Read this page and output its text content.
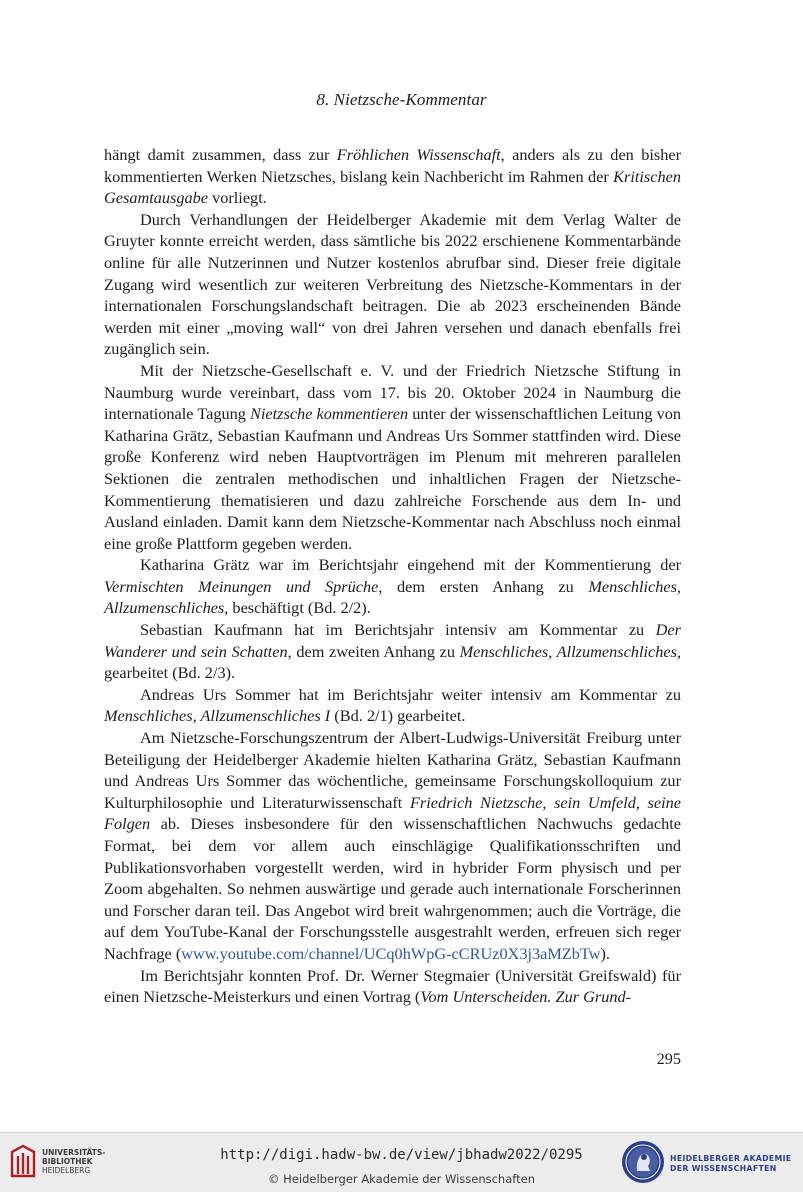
8. Nietzsche-Kommentar

hängt damit zusammen, dass zur Fröhlichen Wissenschaft, anders als zu den bisher kommentierten Werken Nietzsches, bislang kein Nachbericht im Rahmen der Kritischen Gesamtausgabe vorliegt.

Durch Verhandlungen der Heidelberger Akademie mit dem Verlag Walter de Gruyter konnte erreicht werden, dass sämtliche bis 2022 erschienene Kommentarbände online für alle Nutzerinnen und Nutzer kostenlos abrufbar sind. Dieser freie digitale Zugang wird wesentlich zur weiteren Verbreitung des Nietzsche-Kommentars in der internationalen Forschungslandschaft beitragen. Die ab 2023 erscheinenden Bände werden mit einer „moving wall“ von drei Jahren versehen und danach ebenfalls frei zugänglich sein.

Mit der Nietzsche-Gesellschaft e. V. und der Friedrich Nietzsche Stiftung in Naumburg wurde vereinbart, dass vom 17. bis 20. Oktober 2024 in Naumburg die internationale Tagung Nietzsche kommentieren unter der wissenschaftlichen Leitung von Katharina Grätz, Sebastian Kaufmann und Andreas Urs Sommer stattfinden wird. Diese große Konferenz wird neben Hauptvorträgen im Plenum mit mehreren parallelen Sektionen die zentralen methodischen und inhaltlichen Fragen der Nietzsche-Kommentierung thematisieren und dazu zahlreiche Forschende aus dem In- und Ausland einladen. Damit kann dem Nietzsche-Kommentar nach Abschluss noch einmal eine große Plattform gegeben werden.

Katharina Grätz war im Berichtsjahr eingehend mit der Kommentierung der Vermischten Meinungen und Sprüche, dem ersten Anhang zu Menschliches, Allzumenschliches, beschäftigt (Bd. 2/2).

Sebastian Kaufmann hat im Berichtsjahr intensiv am Kommentar zu Der Wanderer und sein Schatten, dem zweiten Anhang zu Menschliches, Allzumenschliches, gearbeitet (Bd. 2/3).

Andreas Urs Sommer hat im Berichtsjahr weiter intensiv am Kommentar zu Menschliches, Allzumenschliches I (Bd. 2/1) gearbeitet.

Am Nietzsche-Forschungszentrum der Albert-Ludwigs-Universität Freiburg unter Beteiligung der Heidelberger Akademie hielten Katharina Grätz, Sebastian Kaufmann und Andreas Urs Sommer das wöchentliche, gemeinsame Forschungskolloquium zur Kulturphilosophie und Literaturwissenschaft Friedrich Nietzsche, sein Umfeld, seine Folgen ab. Dieses insbesondere für den wissenschaftlichen Nachwuchs gedachte Format, bei dem vor allem auch einschlägige Qualifikationsschriften und Publikationsvorhaben vorgestellt werden, wird in hybrider Form physisch und per Zoom abgehalten. So nehmen auswärtige und gerade auch internationale Forscherinnen und Forscher daran teil. Das Angebot wird breit wahrgenommen; auch die Vorträge, die auf dem YouTube-Kanal der Forschungsstelle ausgestrahlt werden, erfreuen sich reger Nachfrage (www.youtube.com/channel/UCq0hWpG-cCRUz0X3j3aMZbTw).

Im Berichtsjahr konnten Prof. Dr. Werner Stegmaier (Universität Greifswald) für einen Nietzsche-Meisterkurs und einen Vortrag (Vom Unterscheiden. Zur Grund-

295
UNIVERSITÄTS-
BIBLIOTHEK
HEIDELBERG
http://digi.hadw-bw.de/view/jbhadw2022/0295
© Heidelberger Akademie der Wissenschaften
HEIDELBERGER AKADEMIE
DER WISSENSCHAFTEN
